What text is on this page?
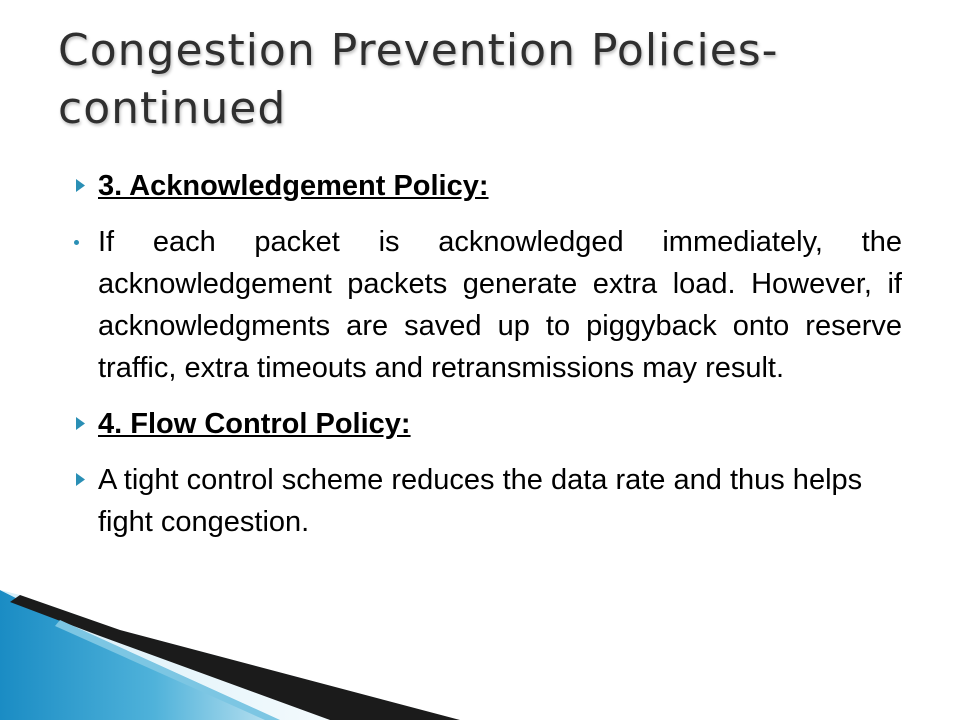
Congestion Prevention Policies-
continued
3. Acknowledgement Policy:
If each packet is acknowledged immediately, the acknowledgement packets generate extra load. However, if acknowledgments are saved up to piggyback onto reserve traffic, extra timeouts and retransmissions may result.
4. Flow Control Policy:
A tight control scheme reduces the data rate and thus helps fight congestion.
